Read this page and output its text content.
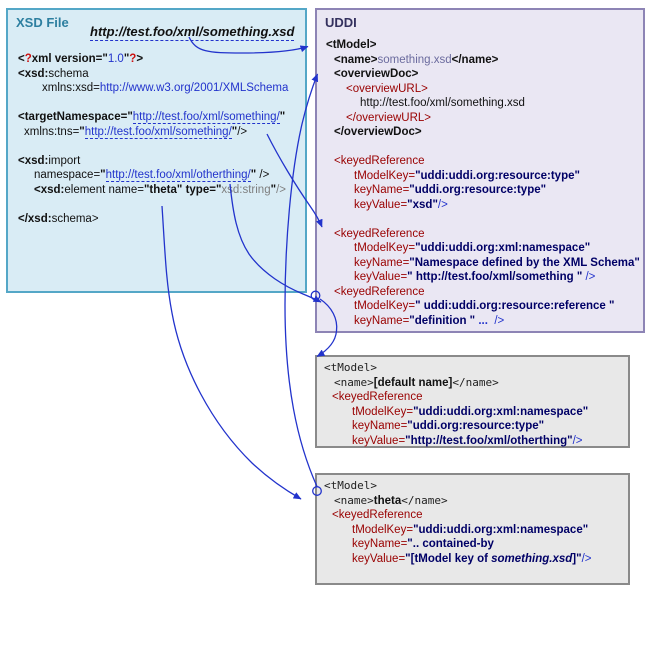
XSD File
http://test.foo/xml/something.xsd
<?xml version="1.0"?>
<xsd:schema
xmlns:xsd=http://www.w3.org/2001/XMLSchema

<targetNamespace="http://test.foo/xml/something/"
xmlns:tns="http://test.foo/xml/something/"/>

<xsd:import
namespace="http://test.foo/xml/otherthing/" />
<xsd:element name="theta" type="xsd:string"/>

</xsd:schema>
UDDI
<tModel>
<name>something.xsd</name>
<overviewDoc>
<overviewURL>
http://test.foo/xml/something.xsd
</overviewURL>
</overviewDoc>

<keyedReference
tModelKey="uddi:uddi.org:resource:type"
keyName="uddi.org:resource:type"
keyValue="xsd"/>

<keyedReference
tModelKey="uddi:uddi.org:xml:namespace"
keyName="Namespace defined by the XML Schema"
keyValue=" http://test.foo/xml/something " />
<keyedReference
tModelKey=" uddi:uddi.org:resource:reference "
keyName="definition " ...  />
<tModel>
<name>[default name]</name>
<keyedReference
tModelKey="uddi:uddi.org:xml:namespace"
keyName="uddi.org:resource:type"
keyValue="http://test.foo/xml/otherthing"/>
<tModel>
<name>theta</name>
<keyedReference
tModelKey="uddi:uddi.org:xml:namespace"
keyName=".. contained-by
keyValue="[tModel key of something.xsd]"/>
